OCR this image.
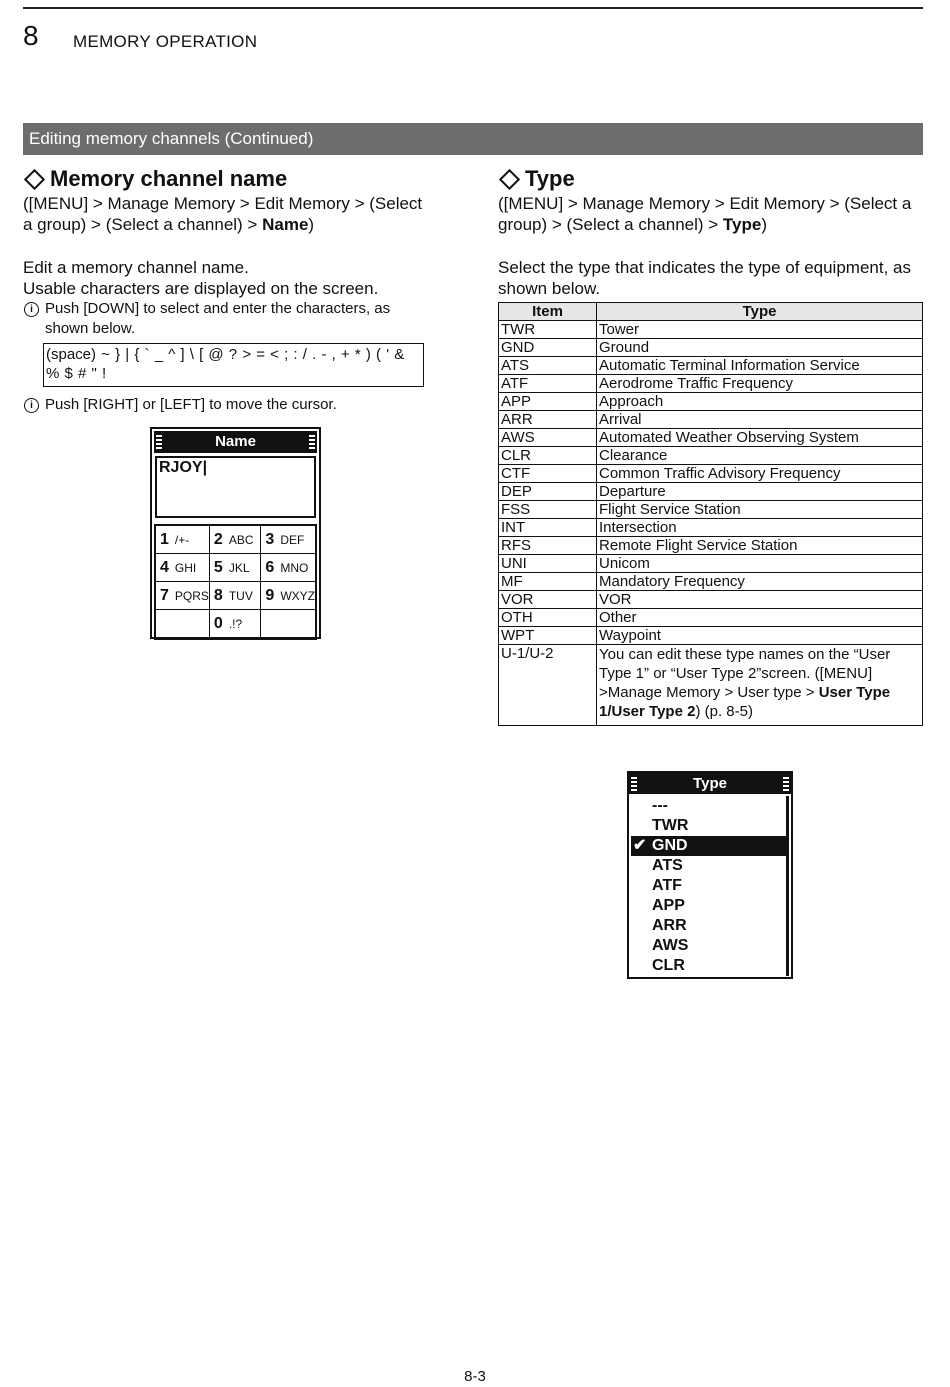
8 MEMORY OPERATION
Editing memory channels (Continued)
Memory channel name
([MENU] > Manage Memory > Edit Memory > (Select a group) > (Select a channel) > Name)
Edit a memory channel name.
Usable characters are displayed on the screen.
i Push [DOWN] to select and enter the characters, as shown below.
(space) ~ } | { ` _ ^ ] \ [ @ ? > = < ; : / . - , + * ) ( ' & % $ # " !
i Push [RIGHT] or [LEFT] to move the cursor.
Name
RJOY|
1 /+- 2 ABC 3 DEF
4 GHI 5 JKL 6 MNO
7 PQRS 8 TUV 9 WXYZ
0 .!?
Type
([MENU] > Manage Memory > Edit Memory > (Select a group) > (Select a channel) > Type)
Select the type that indicates the type of equipment, as shown below.
Item	Type
TWR	Tower
GND	Ground
ATS	Automatic Terminal Information Service
ATF	Aerodrome Traffic Frequency
APP	Approach
ARR	Arrival
AWS	Automated Weather Observing System
CLR	Clearance
CTF	Common Traffic Advisory Frequency
DEP	Departure
FSS	Flight Service Station
INT	Intersection
RFS	Remote Flight Service Station
UNI	Unicom
MF	Mandatory Frequency
VOR	VOR
OTH	Other
WPT	Waypoint
U-1/U-2	You can edit these type names on the “User Type 1” or “User Type 2”screen. ([MENU] >Manage Memory > User type > User Type 1/User Type 2) (p. 8-5)
Type
---
TWR
✔ GND
ATS
ATF
APP
ARR
AWS
CLR
8-3
